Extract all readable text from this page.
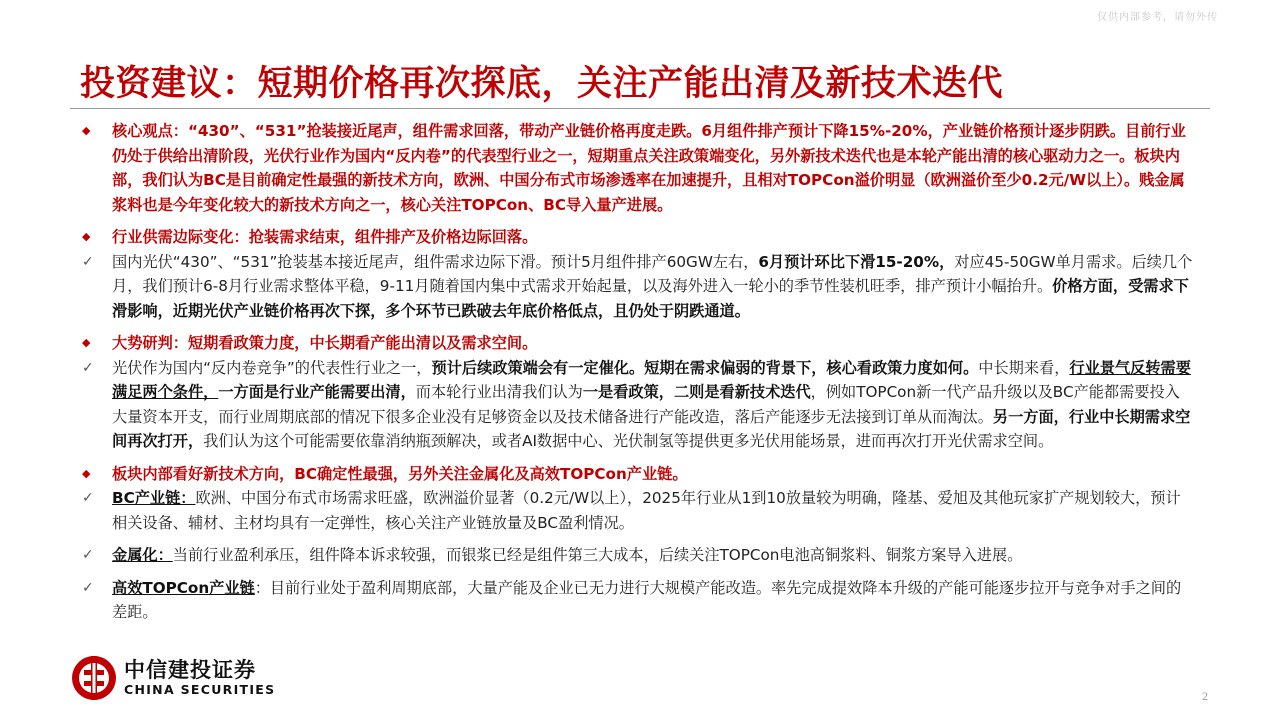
仅供内部参考，请勿外传
投资建议：短期价格再次探底，关注产能出清及新技术迭代
◆	核心观点：“430”、“531”抢装接近尾声，组件需求回落，带动产业链价格再度走跌。6月组件排产预计下降15%-20%，产业链价格预计逐步阴跌。目前行业仍处于供给出清阶段，光伏行业作为国内“反内卷”的代表型行业之一，短期重点关注政策端变化，另外新技术迭代也是本轮产能出清的核心驱动力之一。板块内部，我们认为BC是目前确定性最强的新技术方向，欧洲、中国分布式市场渗透率在加速提升，且相对TOPCon溢价明显（欧洲溢价至少0.2元/W以上）。贱金属浆料也是今年变化较大的新技术方向之一，核心关注TOPCon、BC导入量产进展。
◆	行业供需边际变化：抢装需求结束，组件排产及价格边际回落。
✓	国内光伏“430”、“531”抢装基本接近尾声，组件需求边际下滑。预计5月组件排产60GW左右，6月预计环比下滑15-20%，对应45-50GW单月需求。后续几个月，我们预计6-8月行业需求整体平稳，9-11月随着国内集中式需求开始起量，以及海外进入一轮小的季节性装机旺季，排产预计小幅抬升。价格方面，受需求下滑影响，近期光伏产业链价格再次下探，多个环节已跌破去年底价格低点，且仍处于阴跌通道。
◆	大势研判：短期看政策力度，中长期看产能出清以及需求空间。
✓	光伏作为国内“反内卷竞争”的代表性行业之一，预计后续政策端会有一定催化。短期在需求偏弱的背景下，核心看政策力度如何。中长期来看，行业景气反转需要满足两个条件，一方面是行业产能需要出清，而本轮行业出清我们认为一是看政策，二则是看新技术迭代，例如TOPCon新一代产品升级以及BC产能都需要投入大量资本开支，而行业周期底部的情况下很多企业没有足够资金以及技术储备进行产能改造，落后产能逐步无法接到订单从而淘汰。另一方面，行业中长期需求空间再次打开，我们认为这个可能需要依靠消纳瓶颈解决，或者AI数据中心、光伏制氢等提供更多光伏用能场景，进而再次打开光伏需求空间。
◆	板块内部看好新技术方向，BC确定性最强，另外关注金属化及高效TOPCon产业链。
✓	BC产业链：欧洲、中国分布式市场需求旺盛，欧洲溢价显著（0.2元/W以上），2025年行业从1到10放量较为明确，隆基、爱旭及其他玩家扩产规划较大，预计相关设备、辅材、主材均具有一定弹性，核心关注产业链放量及BC盈利情况。
✓	金属化：当前行业盈利承压，组件降本诉求较强，而银浆已经是组件第三大成本，后续关注TOPCon电池高铜浆料、铜浆方案导入进展。
✓	高效TOPCon产业链：目前行业处于盈利周期底部，大量产能及企业已无力进行大规模产能改造。率先完成提效降本升级的产能可能逐步拉开与竞争对手之间的差距。
中信建投证券
CHINA SECURITIES	2
